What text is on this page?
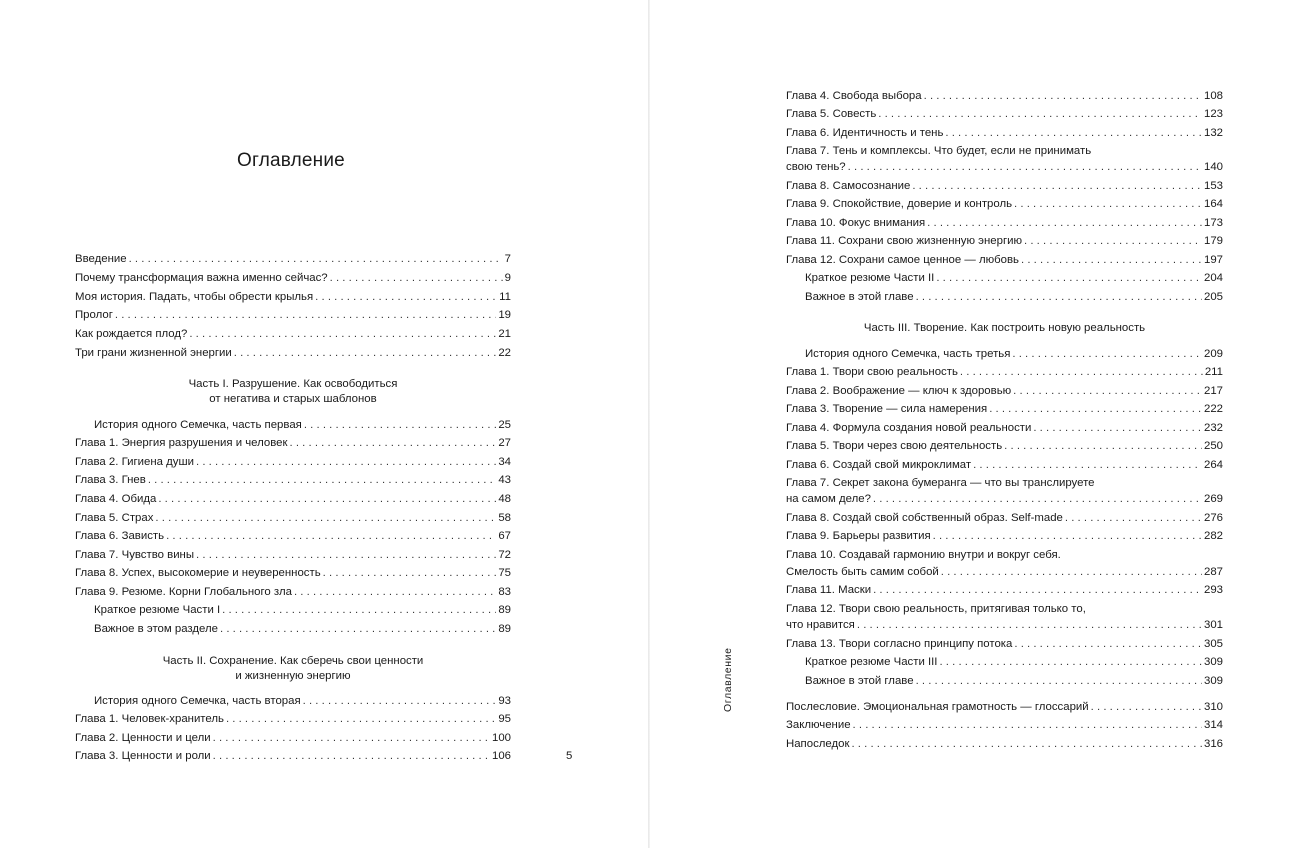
Оглавление
Введение . . .	7
Почему трансформация важна именно сейчас? . . .	9
Моя история. Падать, чтобы обрести крылья . . .	11
Пролог . . .	19
Как рождается плод? . . .	21
Три грани жизненной энергии . . .	22
Часть I. Разрушение. Как освободиться
от негатива и старых шаблонов
История одного Семечка, часть первая . . .	25
Глава 1. Энергия разрушения и человек . . .	27
Глава 2. Гигиена души . . .	34
Глава 3. Гнев . . .	43
Глава 4. Обида . . .	48
Глава 5. Страх . . .	58
Глава 6. Зависть . . .	67
Глава 7. Чувство вины . . .	72
Глава 8. Успех, высокомерие и неуверенность . . .	75
Глава 9. Резюме. Корни Глобального зла . . .	83
Краткое резюме Части I . . .	89
Важное в этом разделе . . .	89
Часть II. Сохранение. Как сберечь свои ценности
и жизненную энергию
История одного Семечка, часть вторая . . .	93
Глава 1. Человек-хранитель . . .	95
Глава 2. Ценности и цели . . .	100
Глава 3. Ценности и роли . . .	106	5
Оглавление
Глава 4. Свобода выбора . . .	108
Глава 5. Совесть . . .	123
Глава 6. Идентичность и тень . . .	132
Глава 7. Тень и комплексы. Что будет, если не принимать
свою тень? . . .	140
Глава 8. Самосознание . . .	153
Глава 9. Спокойствие, доверие и контроль . . .	164
Глава 10. Фокус внимания . . .	173
Глава 11. Сохрани свою жизненную энергию . . .	179
Глава 12. Сохрани самое ценное — любовь . . .	197
Краткое резюме Части II . . .	204
Важное в этой главе . . .	205
Часть III. Творение. Как построить новую реальность
История одного Семечка, часть третья . . .	209
Глава 1. Твори свою реальность . . .	211
Глава 2. Воображение — ключ к здоровью . . .	217
Глава 3. Творение — сила намерения . . .	222
Глава 4. Формула создания новой реальности . . .	232
Глава 5. Твори через свою деятельность . . .	250
Глава 6. Создай свой микроклимат . . .	264
Глава 7. Секрет закона бумеранга — что вы транслируете
на самом деле? . . .	269
Глава 8. Создай свой собственный образ. Self-made . . .	276
Глава 9. Барьеры развития . . .	282
Глава 10. Создавай гармонию внутри и вокруг себя.
Смелость быть самим собой . . .	287
Глава 11. Маски . . .	293
Глава 12. Твори свою реальность, притягивая только то,
что нравится . . .	301
Глава 13. Твори согласно принципу потока . . .	305
Краткое резюме Части III . . .	309
Важное в этой главе . . .	309
Послесловие. Эмоциональная грамотность — глоссарий . . .	310
Заключение . . .	314
Напоследок . . .	316
